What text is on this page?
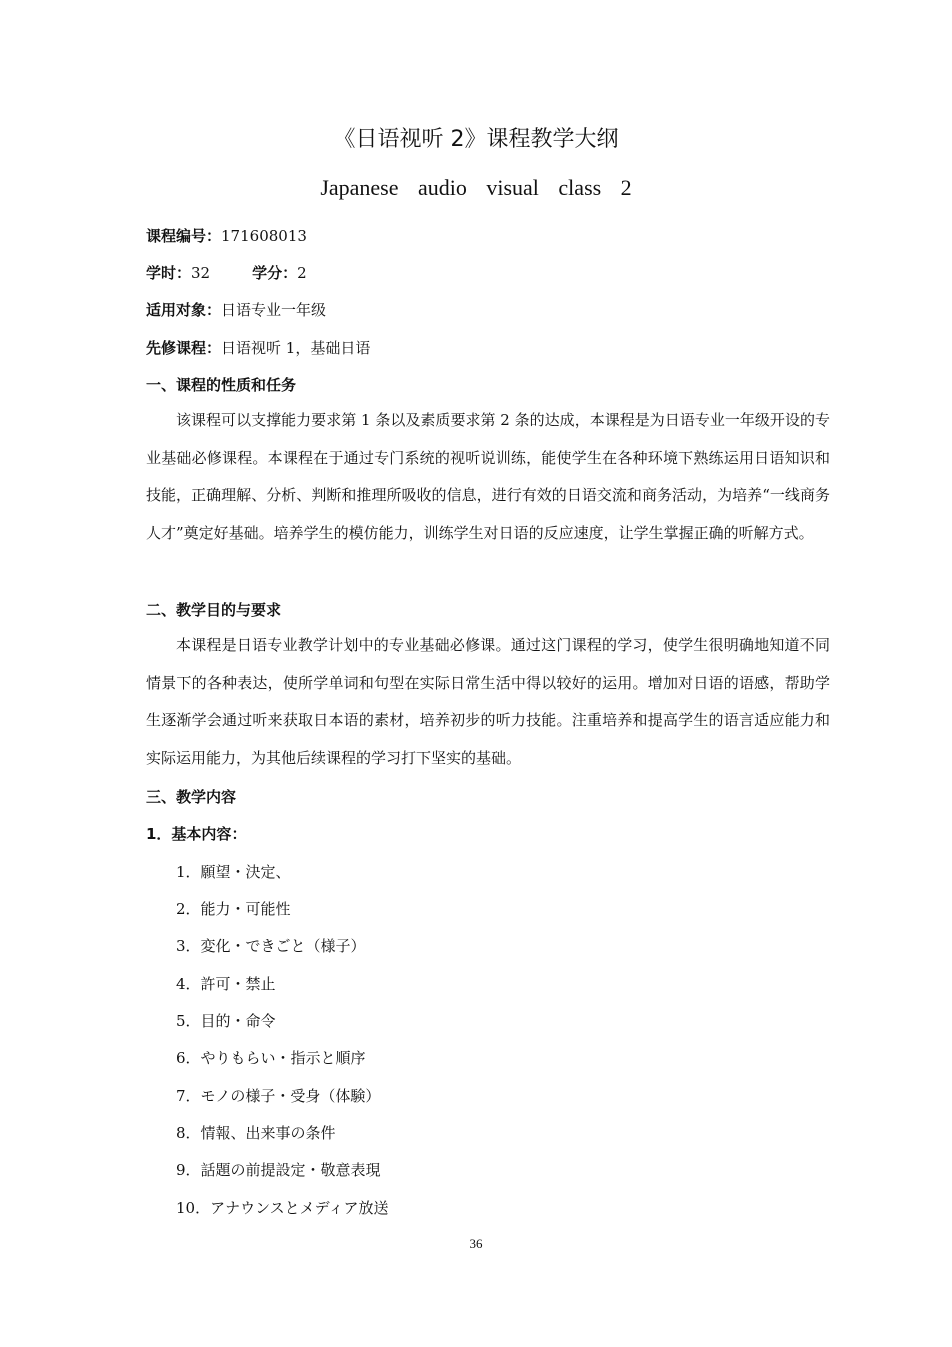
《日语视听 2》课程教学大纲
Japanese audio visual class 2
课程编号：171608013
学时：32	学分：2
适用对象：日语专业一年级
先修课程：日语视听 1，基础日语
一、课程的性质和任务
该课程可以支撑能力要求第 1 条以及素质要求第 2 条的达成，本课程是为日语专业一年级开设的专业基础必修课程。本课程在于通过专门系统的视听说训练，能使学生在各种环境下熟练运用日语知识和技能，正确理解、分析、判断和推理所吸收的信息，进行有效的日语交流和商务活动，为培养“一线商务人才”奠定好基础。培养学生的模仿能力，训练学生对日语的反应速度，让学生掌握正确的听解方式。
二、教学目的与要求
本课程是日语专业教学计划中的专业基础必修课。通过这门课程的学习，使学生很明确地知道不同情景下的各种表达，使所学单词和句型在实际日常生活中得以较好的运用。增加对日语的语感，帮助学生逐渐学会通过听来获取日本语的素材，培养初步的听力技能。注重培养和提高学生的语言适应能力和实际运用能力，为其他后续课程的学习打下坚实的基础。
三、教学内容
1．基本内容：
1．願望・決定、
2．能力・可能性
3．変化・できごと（様子）
4．許可・禁止
5．目的・命令
6．やりもらい・指示と順序
7．モノの様子・受身（体験）
8．情報、出来事の条件
9．話題の前提設定・敬意表現
10．アナウンスとメディア放送
36
